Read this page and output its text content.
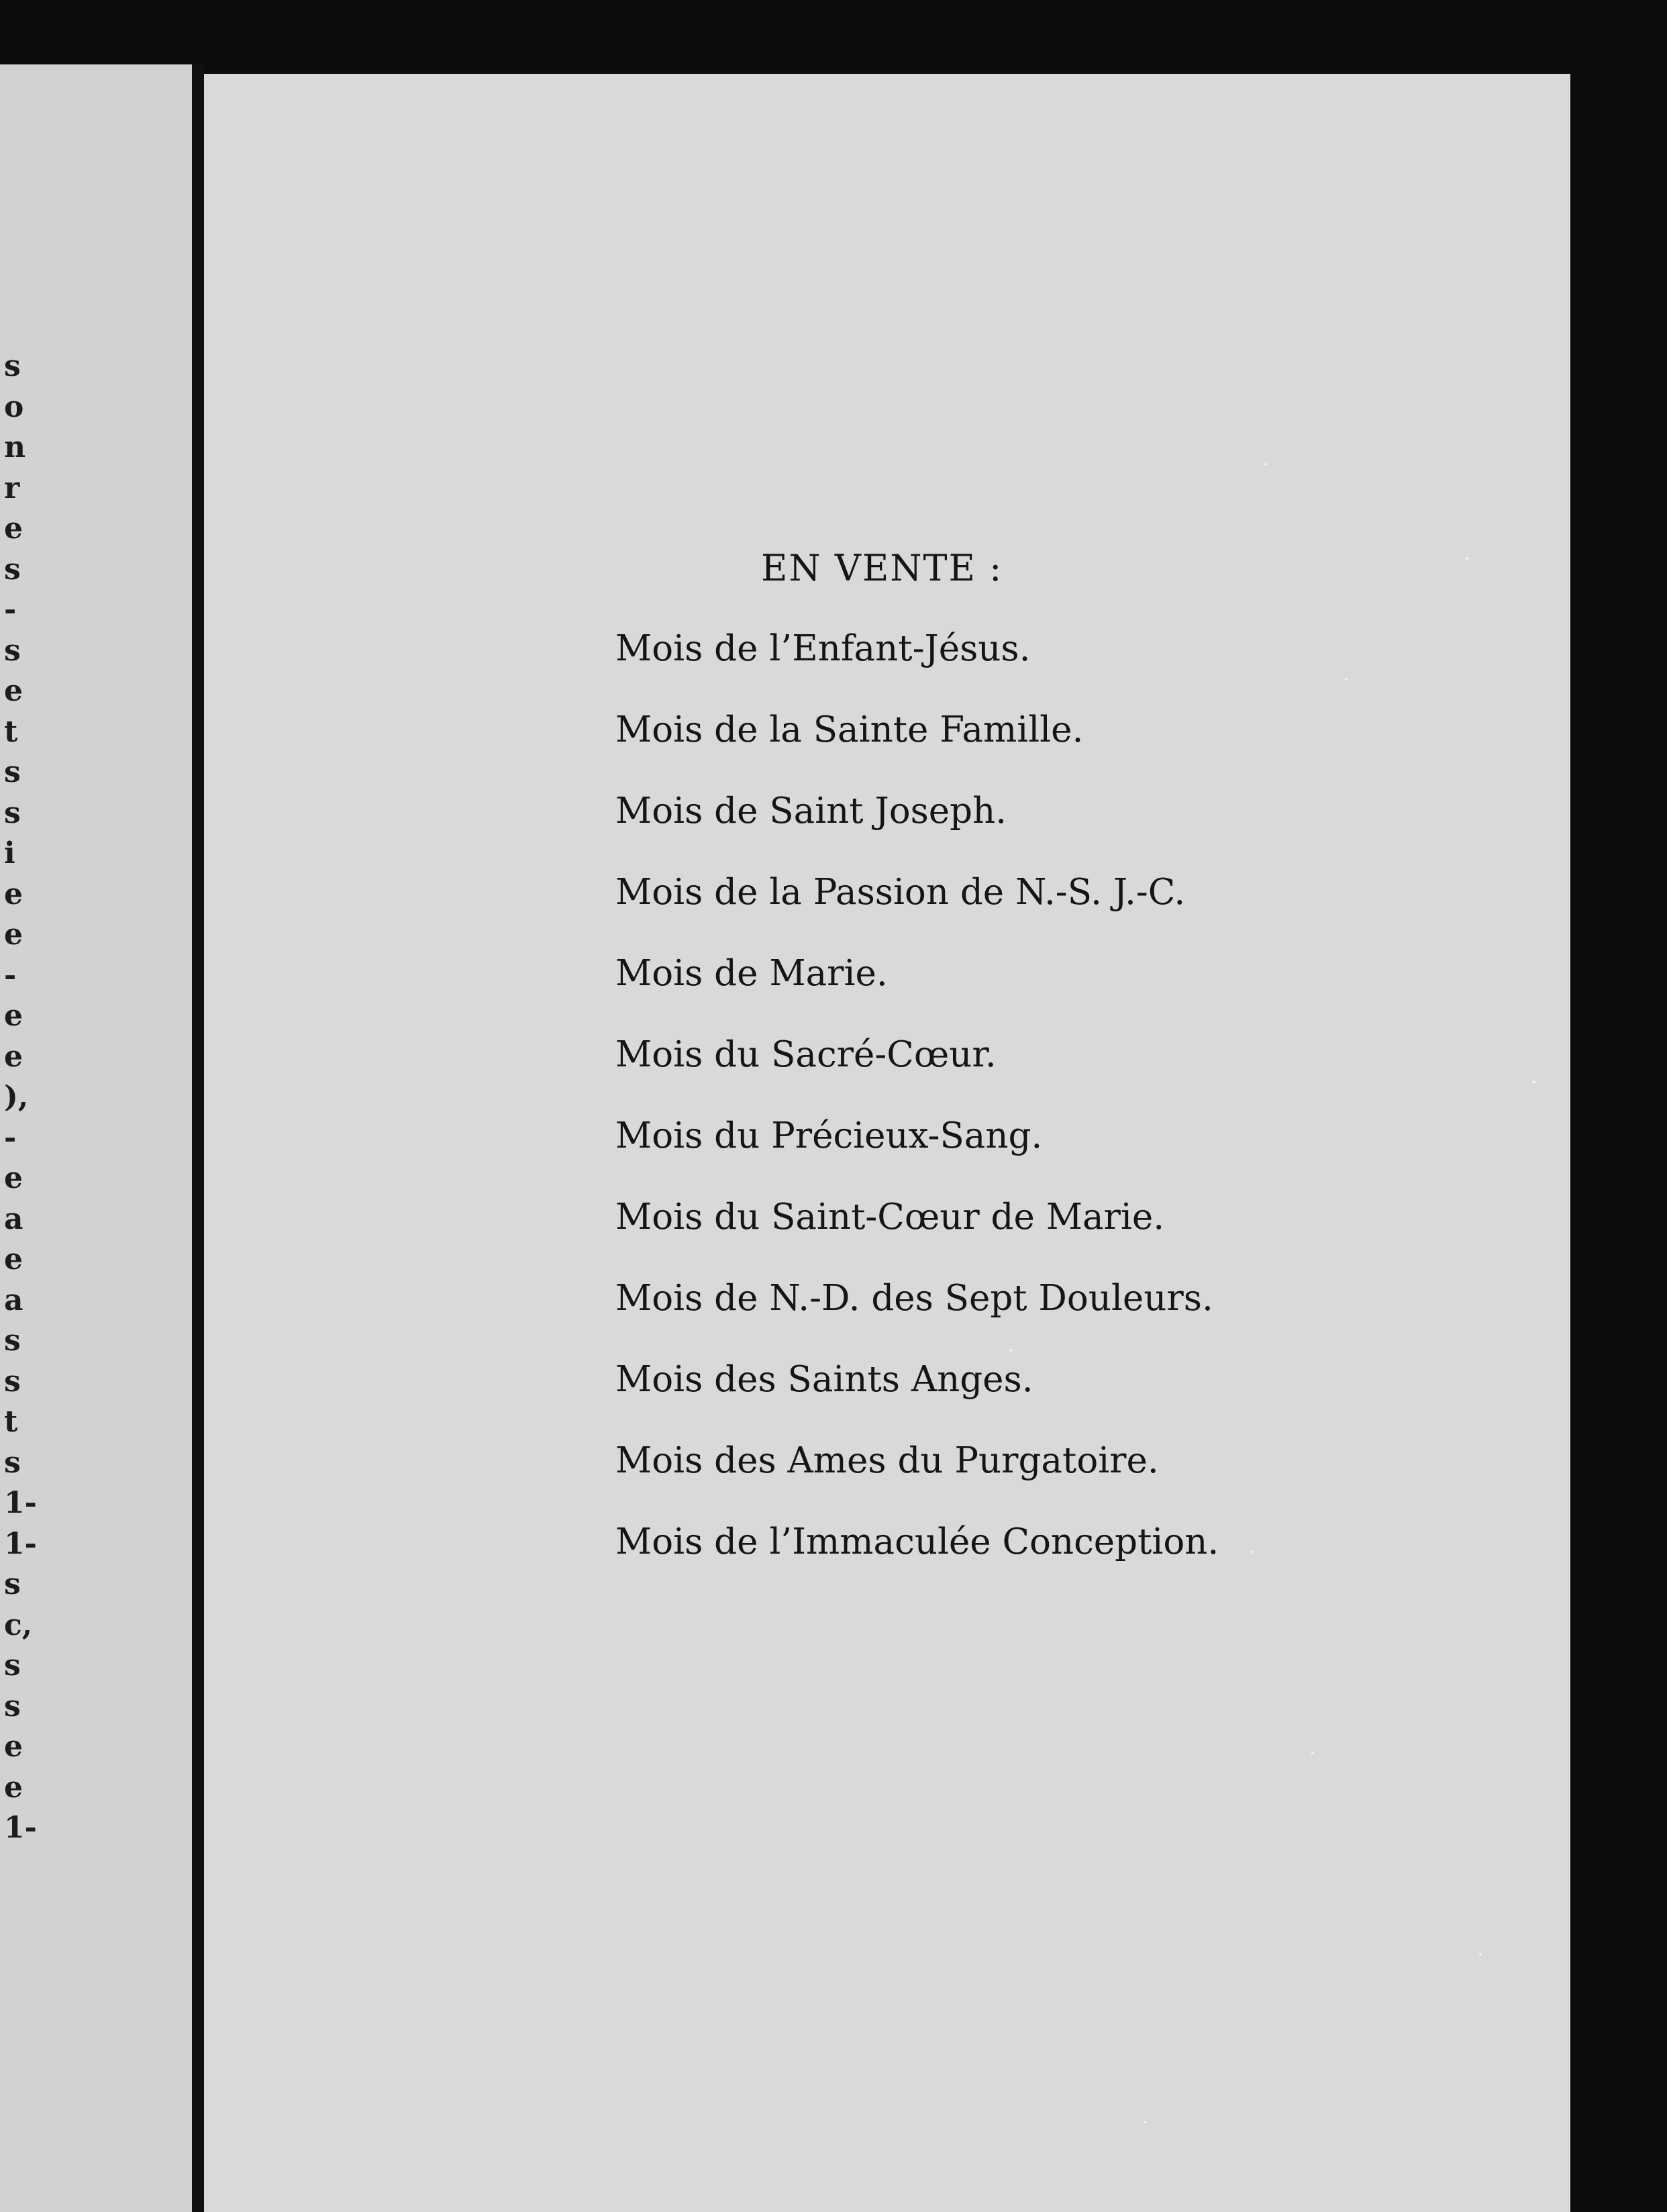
s
o
n
r
e
s
-
s
e
t
s
s
i
e
e
-
e
e
),
-
e
a
e
a
s
s
t
s
1-
1-
s
c,
s
s
e
e
1-
EN VENTE :
Mois de l’Enfant-Jésus.
Mois de la Sainte Famille.
Mois de Saint Joseph.
Mois de la Passion de N.-S. J.-C.
Mois de Marie.
Mois du Sacré-Cœur.
Mois du Précieux-Sang.
Mois du Saint-Cœur de Marie.
Mois de N.-D. des Sept Douleurs.
Mois des Saints Anges.
Mois des Ames du Purgatoire.
Mois de l’Immaculée Conception.
